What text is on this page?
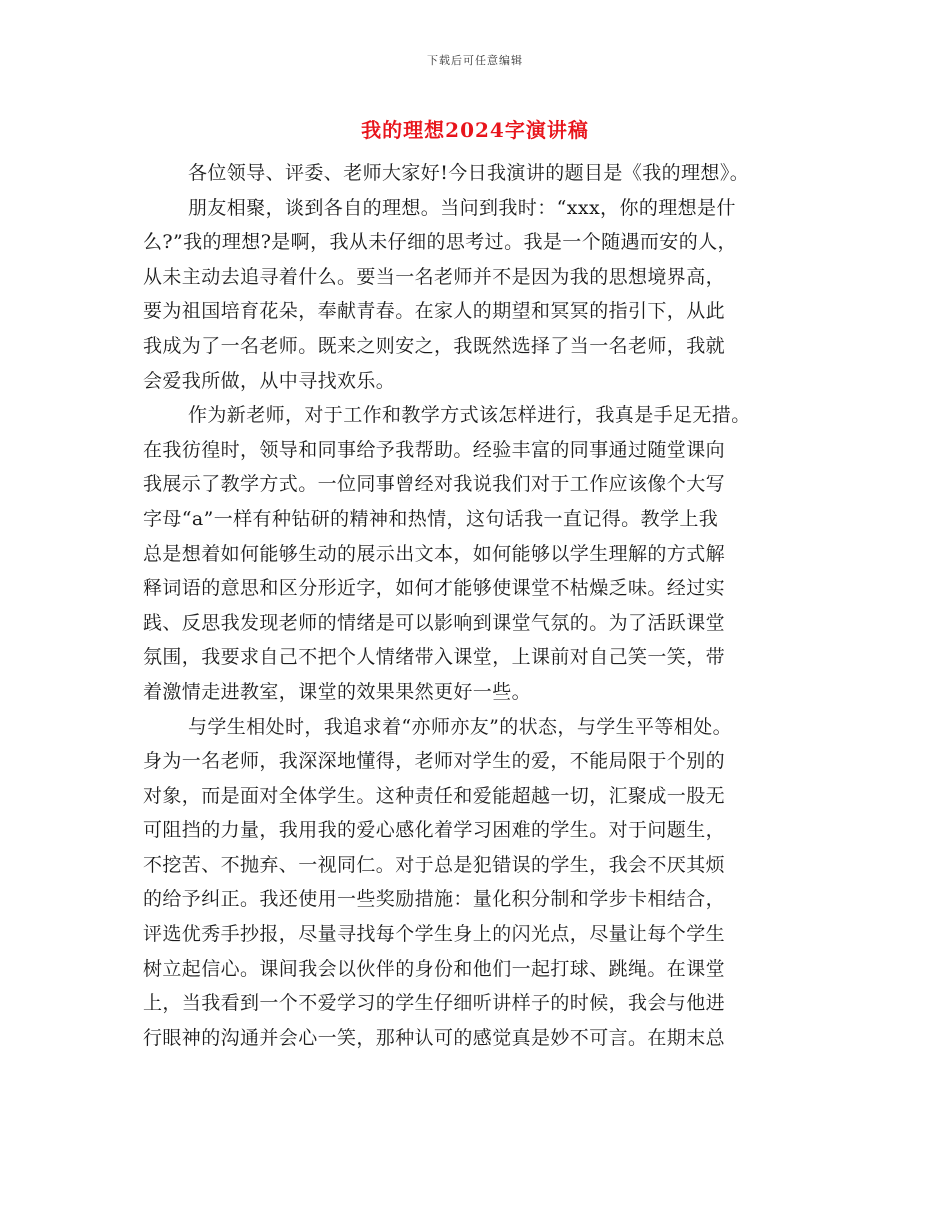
下载后可任意编辑
我的理想2024字演讲稿
各位领导、评委、老师大家好!今日我演讲的题目是《我的理想》。
朋友相聚，谈到各自的理想。当问到我时：“xxx，你的理想是什
么?”我的理想?是啊，我从未仔细的思考过。我是一个随遇而安的人，
从未主动去追寻着什么。要当一名老师并不是因为我的思想境界高，
要为祖国培育花朵，奉献青春。在家人的期望和冥冥的指引下，从此
我成为了一名老师。既来之则安之，我既然选择了当一名老师，我就
会爱我所做，从中寻找欢乐。
作为新老师，对于工作和教学方式该怎样进行，我真是手足无措。
在我彷徨时，领导和同事给予我帮助。经验丰富的同事通过随堂课向
我展示了教学方式。一位同事曾经对我说我们对于工作应该像个大写
字母“a”一样有种钻研的精神和热情，这句话我一直记得。教学上我
总是想着如何能够生动的展示出文本，如何能够以学生理解的方式解
释词语的意思和区分形近字，如何才能够使课堂不枯燥乏味。经过实
践、反思我发现老师的情绪是可以影响到课堂气氛的。为了活跃课堂
氛围，我要求自己不把个人情绪带入课堂，上课前对自己笑一笑，带
着激情走进教室，课堂的效果果然更好一些。
与学生相处时，我追求着“亦师亦友”的状态，与学生平等相处。
身为一名老师，我深深地懂得，老师对学生的爱，不能局限于个别的
对象，而是面对全体学生。这种责任和爱能超越一切，汇聚成一股无
可阻挡的力量，我用我的爱心感化着学习困难的学生。对于问题生，
不挖苦、不抛弃、一视同仁。对于总是犯错误的学生，我会不厌其烦
的给予纠正。我还使用一些奖励措施：量化积分制和学步卡相结合，
评选优秀手抄报，尽量寻找每个学生身上的闪光点，尽量让每个学生
树立起信心。课间我会以伙伴的身份和他们一起打球、跳绳。在课堂
上，当我看到一个不爱学习的学生仔细听讲样子的时候，我会与他进
行眼神的沟通并会心一笑，那种认可的感觉真是妙不可言。在期末总
